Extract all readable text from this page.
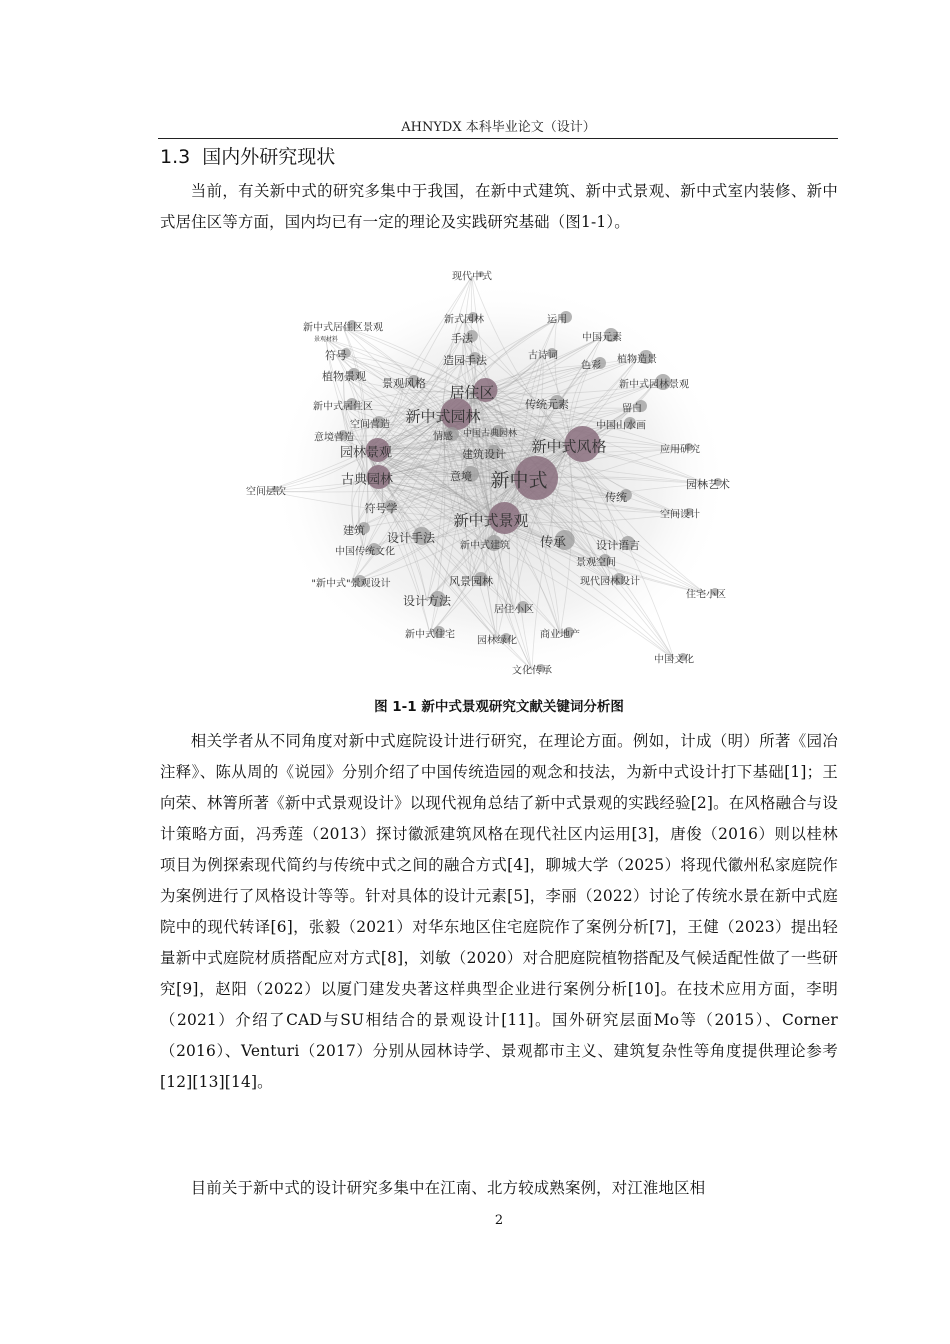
AHNYDX 本科毕业论文（设计）
1.3 国内外研究现状

当前，有关新中式的研究多集中于我国，在新中式建筑、新中式景观、新中式室内装修、新中式居住区等方面，国内均已有一定的理论及实践研究基础（图1-1）。

现代中式
新中式居住区景观
景观材料
新式园林	运用
手法	中国元素
符号	造园手法	古诗词
色彩
植物造景
植物景观
景观风格 居住区	新中式园林景观
新中式居住区	传统元素	留白
新中式园林
空间营造
中国古典园林
中国山水画
意境营造	情感
新中式风格	应用研究
园林景观	建筑设计
意境 新中式
古典园林	园林艺术
空间层次	传统
符号学
空间设计
新中式景观
建筑
设计手法	传承	设计语言
中国传统文化
新中式建筑
景观空间
"新中式"景观设计	风景园林	现代园林设计
住宅小区
设计方法
居住小区
新中式住宅
园林绿化
商业地产
文化传承
中国文化
图 1-1 新中式景观研究文献关键词分析图

相关学者从不同角度对新中式庭院设计进行研究，在理论方面。例如，计成（明）所著《园冶注释》、陈从周的《说园》分别介绍了中国传统造园的观念和技法，为新中式设计打下基础[1]；王向荣、林箐所著《新中式景观设计》以现代视角总结了新中式景观的实践经验[2]。在风格融合与设计策略方面，冯秀莲（2013）探讨徽派建筑风格在现代社区内运用[3]，唐俊（2016）则以桂林项目为例探索现代简约与传统中式之间的融合方式[4]，聊城大学（2025）将现代徽州私家庭院作为案例进行了风格设计等等。针对具体的设计元素[5]，李丽（2022）讨论了传统水景在新中式庭院中的现代转译[6]，张毅（2021）对华东地区住宅庭院作了案例分析[7]，王健（2023）提出轻量新中式庭院材质搭配应对方式[8]，刘敏（2020）对合肥庭院植物搭配及气候适配性做了一些研究[9]，赵阳（2022）以厦门建发央著这样典型企业进行案例分析[10]。在技术应用方面，李明（2021）介绍了CAD与SU相结合的景观设计[11]。国外研究层面Mo等（2015）、Corner（2016）、Venturi（2017）分别从园林诗学、景观都市主义、建筑复杂性等角度提供理论参考[12][13][14]。

目前关于新中式的设计研究多集中在江南、北方较成熟案例，对江淮地区相

2
